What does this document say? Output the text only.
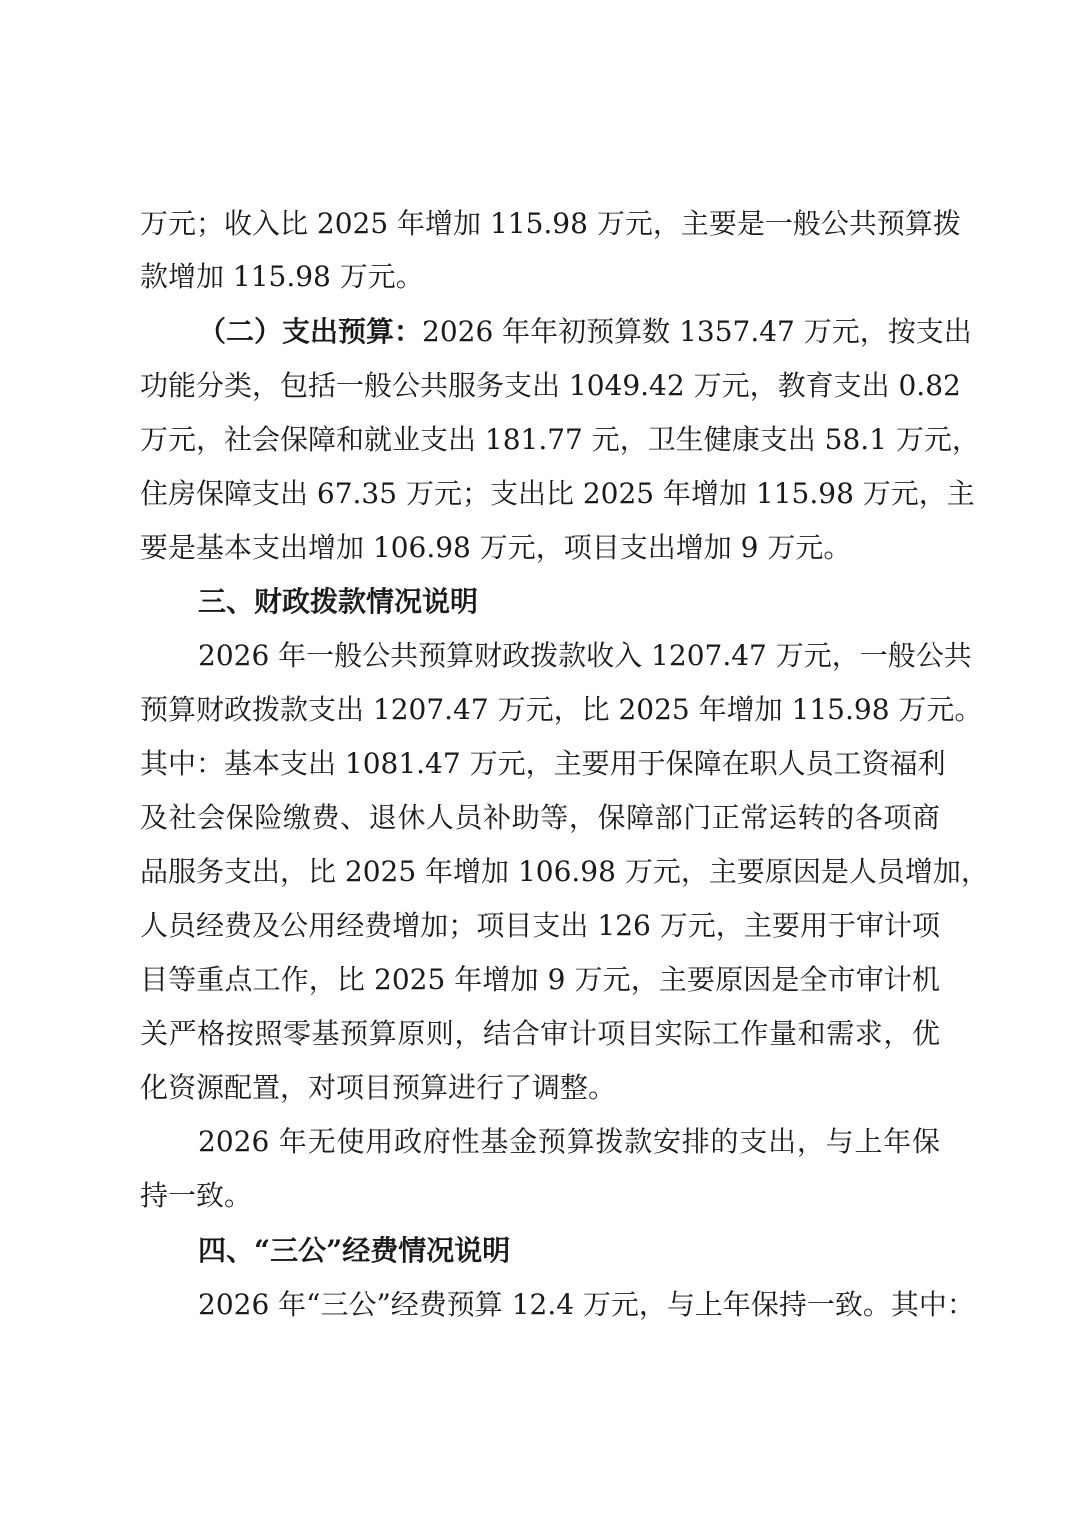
万元；收入比 2025 年增加 115.98 万元，主要是一般公共预算拨
款增加 115.98 万元。
（二）支出预算： 2026 年年初预算数 1357.47 万元，按支出
功能分类，包括一般公共服务支出 1049.42 万元，教育支出 0.82
万元，社会保障和就业支出 181.77 元，卫生健康支出 58.1 万元，
住房保障支出 67.35 万元；支出比 2025 年增加 115.98 万元，主
要是基本支出增加 106.98 万元，项目支出增加 9 万元。
三、财政拨款情况说明
2026 年一般公共预算财政拨款收入 1207.47 万元，一般公共
预算财政拨款支出 1207.47 万元，比 2025 年增加 115.98 万元。
其中：基本支出 1081.47 万元，主要用于保障在职人员工资福利
及社会保险缴费、退休人员补助等，保障部门正常运转的各项商
品服务支出，比 2025 年增加 106.98 万元，主要原因是人员增加，
人员经费及公用经费增加；项目支出 126 万元，主要用于审计项
目等重点工作，比 2025 年增加 9 万元，主要原因是全市审计机
关严格按照零基预算原则，结合审计项目实际工作量和需求，优
化资源配置，对项目预算进行了调整。
2026 年无使用政府性基金预算拨款安排的支出，与上年保
持一致。
四、“三公”经费情况说明
2026 年“三公”经费预算 12.4 万元，与上年保持一致。其中：
